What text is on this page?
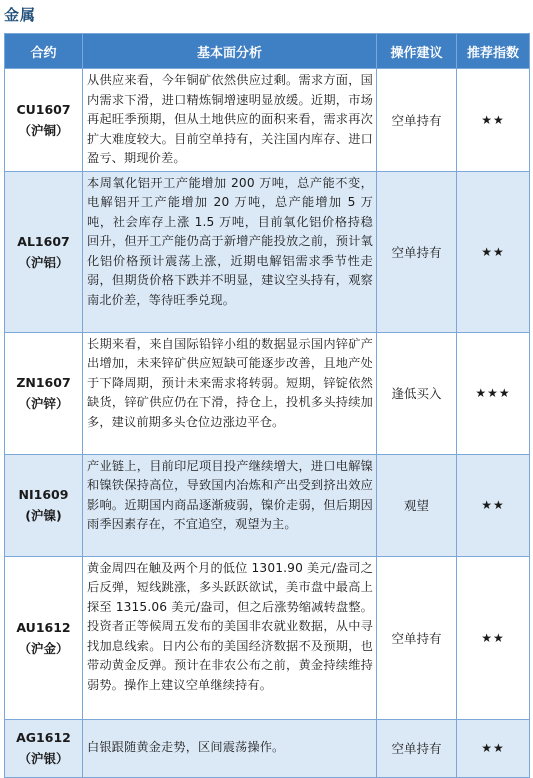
金属
合约	基本面分析	操作建议	推荐指数

CU1607
（沪铜）	从供应来看，今年铜矿依然供应过剩。需求方面，国内需求下滑，进口精炼铜增速明显放缓。近期，市场再起旺季预期，但从土地供应的面积来看，需求再次扩大难度较大。目前空单持有，关注国内库存、进口盈亏、期现价差。	空单持有	★★

AL1607
（沪铝）	本周氧化铝开工产能增加 200 万吨，总产能不变，电解铝开工产能增加 20 万吨，总产能增加 5 万吨，社会库存上涨 1.5 万吨，目前氧化铝价格持稳回升，但开工产能仍高于新增产能投放之前，预计氧化铝价格预计震荡上涨，近期电解铝需求季节性走弱，但期货价格下跌并不明显，建议空头持有，观察南北价差，等待旺季兑现。	空单持有	★★

ZN1607
（沪锌）	长期来看，来自国际铅锌小组的数据显示国内锌矿产出增加，未来锌矿供应短缺可能逐步改善，且地产处于下降周期，预计未来需求将转弱。短期，锌锭依然缺货，锌矿供应仍在下滑，持仓上，投机多头持续加多，建议前期多头仓位边涨边平仓。	逢低买入	★★★

NI1609
(沪镍)	产业链上，目前印尼项目投产继续增大，进口电解镍和镍铁保持高位，导致国内冶炼和产出受到挤出效应影响。近期国内商品逐渐疲弱，镍价走弱，但后期因雨季因素存在，不宜追空，观望为主。	观望	★★

AU1612
（沪金）	黄金周四在触及两个月的低位 1301.90 美元/盎司之后反弹，短线跳涨，多头跃跃欲试，美市盘中最高上探至 1315.06 美元/盎司，但之后涨势缩减转盘整。投资者正等候周五发布的美国非农就业数据，从中寻找加息线索。日内公布的美国经济数据不及预期，也带动黄金反弹。预计在非农公布之前，黄金持续维持弱势。操作上建议空单继续持有。	空单持有	★★

AG1612
（沪银）	白银跟随黄金走势，区间震荡操作。	空单持有	★★
